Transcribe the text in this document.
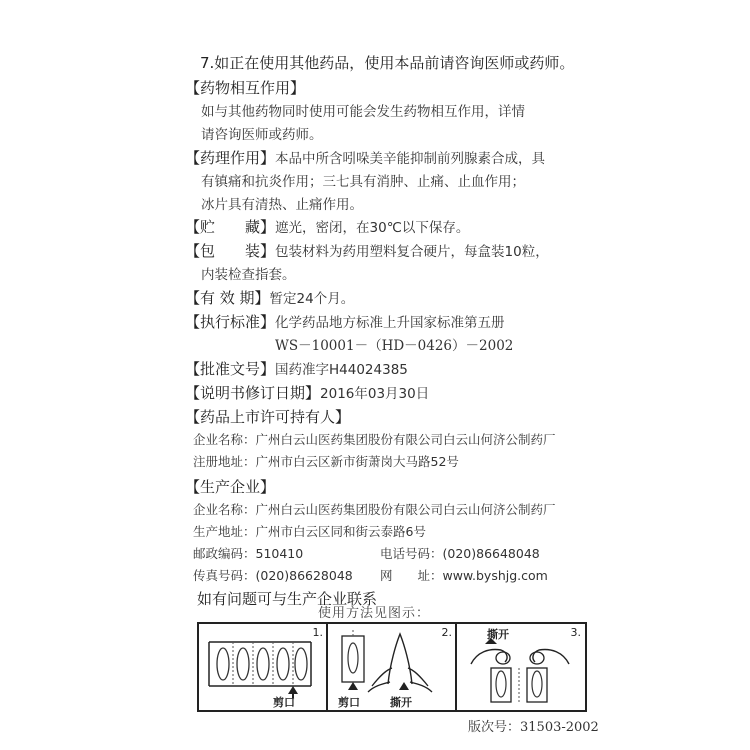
7.如正在使用其他药品，使用本品前请咨询医师或药师。
【药物相互作用】
如与其他药物同时使用可能会发生药物相互作用，详情
请咨询医师或药师。
【药理作用】本品中所含吲哚美辛能抑制前列腺素合成，具
有镇痛和抗炎作用；三七具有消肿、止痛、止血作用；
冰片具有清热、止痛作用。
【贮　　藏】遮光，密闭，在30℃以下保存。
【包　　装】包装材料为药用塑料复合硬片，每盒装10粒，
内装检查指套。
【有 效 期】暂定24个月。
【执行标准】化学药品地方标准上升国家标准第五册
WS－10001－（HD－0426）－2002
【批准文号】国药准字H44024385
【说明书修订日期】2016年03月30日
【药品上市许可持有人】
企业名称：广州白云山医药集团股份有限公司白云山何济公制药厂
注册地址：广州市白云区新市街萧岗大马路52号
【生产企业】
企业名称：广州白云山医药集团股份有限公司白云山何济公制药厂
生产地址：广州市白云区同和街云泰路6号
邮政编码：510410	电话号码：(020)86648048
传真号码：(020)86628048 网　　址：www.byshjg.com
如有问题可与生产企业联系
使用方法见图示：
1.
剪口
2.
剪口	撕开
3.
撕开
版次号：31503-2002
